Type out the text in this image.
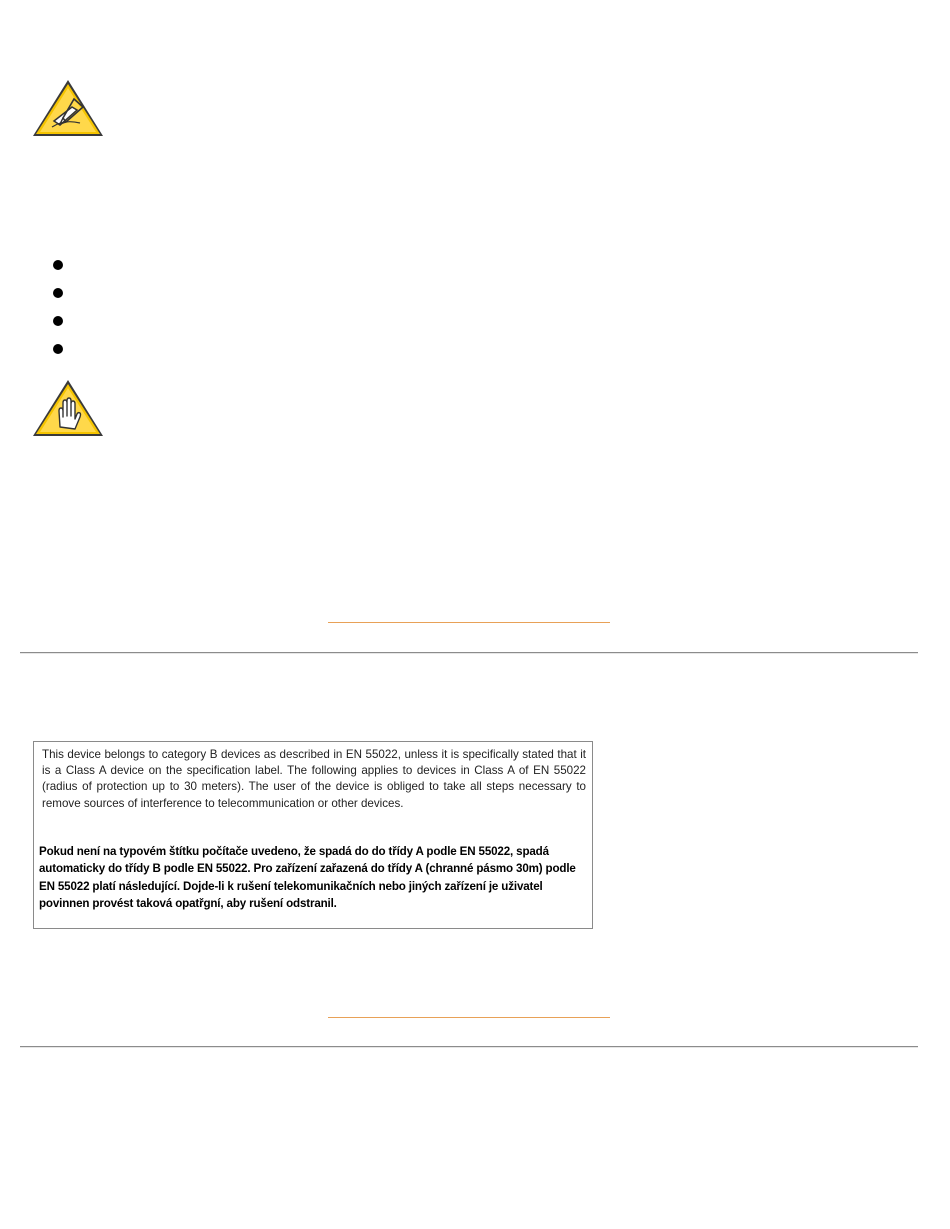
This device belongs to category B devices as described in EN 55022, unless it is specifically stated that it is a Class A device on the specification label. The following applies to devices in Class A of EN 55022 (radius of protection up to 30 meters). The user of the device is obliged to take all steps necessary to remove sources of interference to telecommunication or other devices.
Pokud není na typovém štítku počítače uvedeno, že spadá do do třídy A podle EN 55022, spadá automaticky do třídy B podle EN 55022. Pro zařízení zařazená do třídy A (chranné pásmo 30m) podle EN 55022 platí následující. Dojde-li k rušení telekomunikačních nebo jiných zařízení je uživatel povinnen provést taková opatřgní, aby rušení odstranil.
